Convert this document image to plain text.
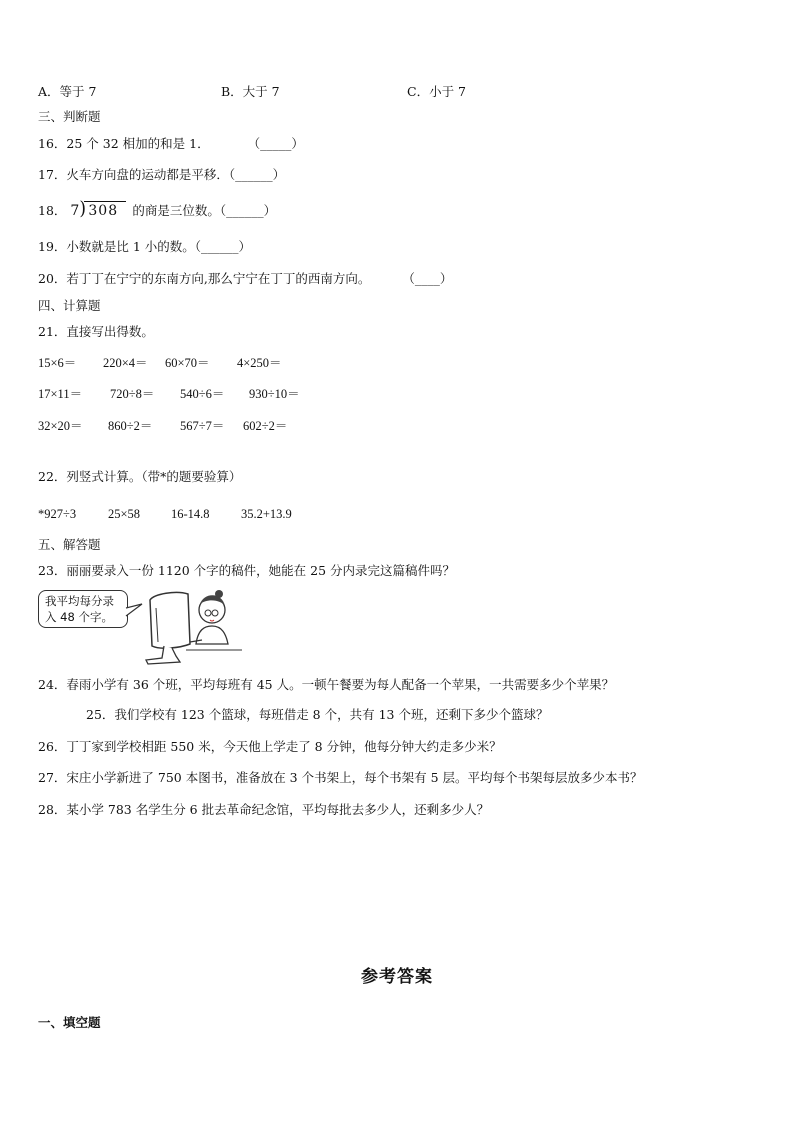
A．等于 7	B．大于 7	C．小于 7
三、判断题
16．25 个 32 相加的和是 1．	（_____）
17．火车方向盘的运动都是平移．（______）
18． 7 ) 308 的商是三位数。（______）
19．小数就是比 1 小的数。（______）
20．若丁丁在宁宁的东南方向,那么宁宁在丁丁的西南方向。	（____）
四、计算题
21．直接写出得数。
15×6＝ 220×4＝ 60×70＝ 4×250＝
17×11＝ 720÷8＝ 540÷6＝ 930÷10＝
32×20＝ 860÷2＝ 567÷7＝ 602÷2＝
22．列竖式计算。（带*的题要验算）
*927÷3	25×58 16-14.8	35.2+13.9
五、解答题
23．丽丽要录入一份 1120 个字的稿件，她能在 25 分内录完这篇稿件吗？
我平均每分录
入 48 个字。
24．春雨小学有 36 个班，平均每班有 45 人。一顿午餐要为每人配备一个苹果，一共需要多少个苹果？
25．我们学校有 123 个篮球，每班借走 8 个，共有 13 个班，还剩下多少个篮球？
26．丁丁家到学校相距 550 米，今天他上学走了 8 分钟，他每分钟大约走多少米？
27．宋庄小学新进了 750 本图书，准备放在 3 个书架上，每个书架有 5 层。平均每个书架每层放多少本书？
28．某小学 783 名学生分 6 批去革命纪念馆，平均每批去多少人，还剩多少人？
参考答案
一、填空题
